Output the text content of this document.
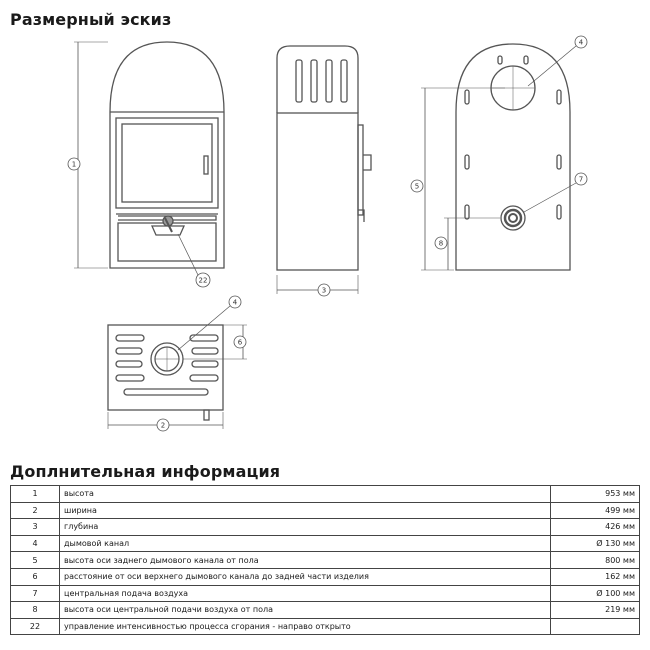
Размерный эскиз
1
22
3
4
5
7
8
4
6
2
Доплнительная информация
1	высота	953 мм
2	ширина	499 мм
3	глубина	426 мм
4	дымовой канал	Ø 130 мм
5	высота оси заднего дымового канала от пола	800 мм
6	расстояние от оси верхнего дымового канала до задней части изделия	162 мм
7	центральная подача воздуха	Ø 100 мм
8	высота оси центральной подачи воздуха от пола	219 мм
22	управление интенсивностью процесса сгорания - направо открыто	
